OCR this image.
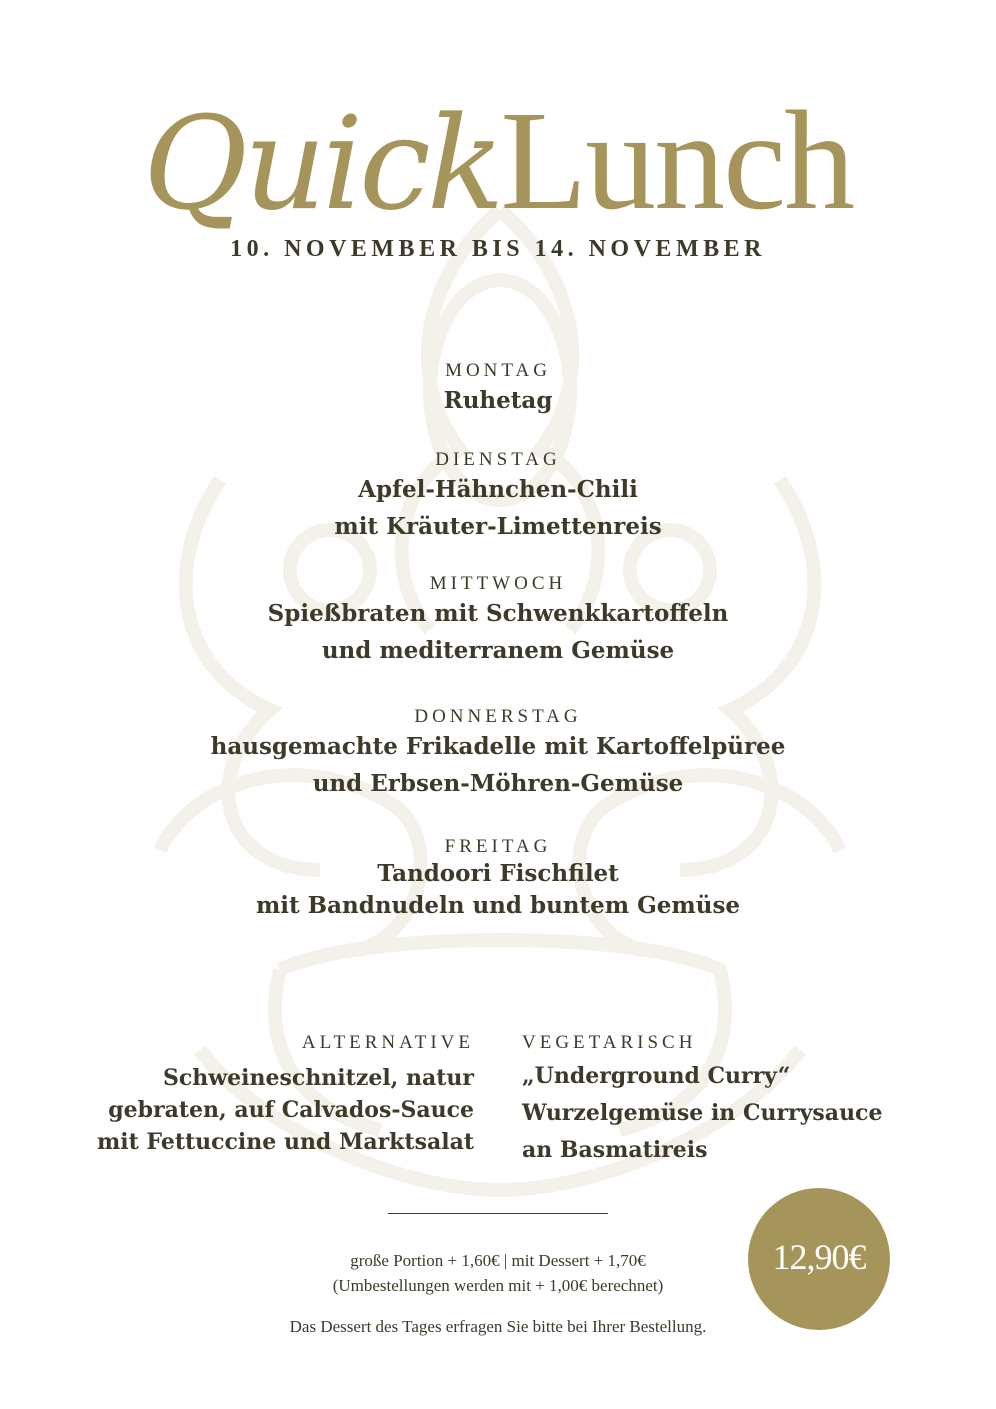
QuickLunch
10. NOVEMBER BIS 14. NOVEMBER
MONTAG
Ruhetag
DIENSTAG
Apfel-Hähnchen-Chili
mit Kräuter-Limettenreis
MITTWOCH
Spießbraten mit Schwenkkartoffeln
und mediterranem Gemüse
DONNERSTAG
hausgemachte Frikadelle mit Kartoffelpüree
und Erbsen-Möhren-Gemüse
FREITAG
Tandoori Fischfilet
mit Bandnudeln und buntem Gemüse
ALTERNATIVE
Schweineschnitzel, natur
gebraten, auf Calvados-Sauce
mit Fettuccine und Marktsalat
VEGETARISCH
„Underground Curry“
Wurzelgemüse in Currysauce
an Basmatireis
große Portion + 1,60€ | mit Dessert + 1,70€
(Umbestellungen werden mit + 1,00€ berechnet)
Das Dessert des Tages erfragen Sie bitte bei Ihrer Bestellung.
12,90€
